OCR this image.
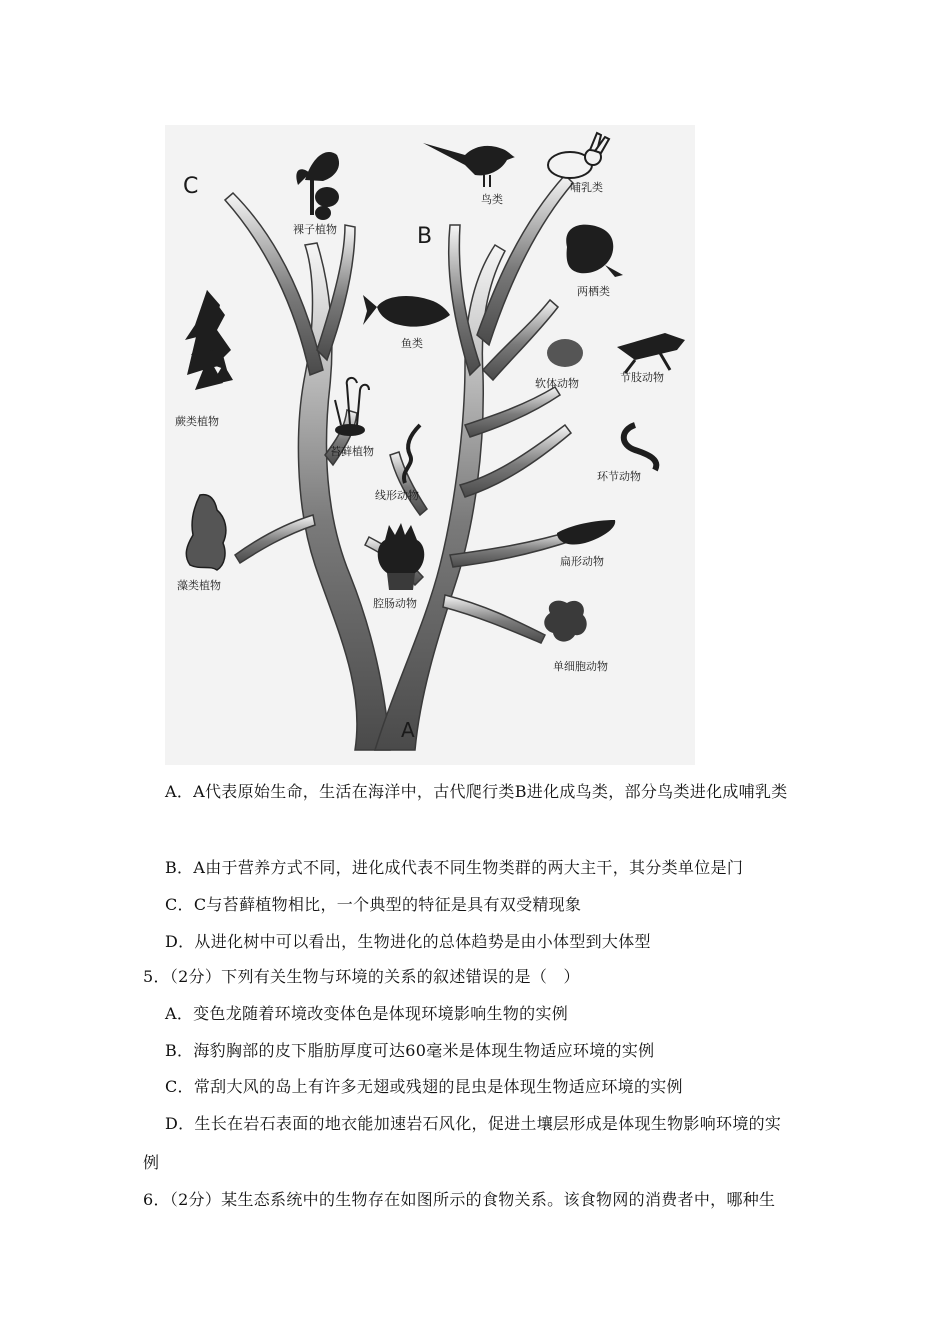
C
B
A
裸子植物
鸟类
哺乳类
两栖类
鱼类
软体动物	节肢动物
蕨类植物
苔藓植物
线形动物
环节动物
藻类植物
腔肠动物
扁形动物
单细胞动物
A．A代表原始生命，生活在海洋中，古代爬行类B进化成鸟类，部分鸟类进化成哺乳类
B．A由于营养方式不同，进化成代表不同生物类群的两大主干，其分类单位是门
C．C与苔藓植物相比，一个典型的特征是具有双受精现象
D．从进化树中可以看出，生物进化的总体趋势是由小体型到大体型
5．（2分）下列有关生物与环境的关系的叙述错误的是（　）
A．变色龙随着环境改变体色是体现环境影响生物的实例
B．海豹胸部的皮下脂肪厚度可达60毫米是体现生物适应环境的实例
C．常刮大风的岛上有许多无翅或残翅的昆虫是体现生物适应环境的实例
D．生长在岩石表面的地衣能加速岩石风化，促进土壤层形成是体现生物影响环境的实
例
6．（2分）某生态系统中的生物存在如图所示的食物关系。该食物网的消费者中，哪种生
